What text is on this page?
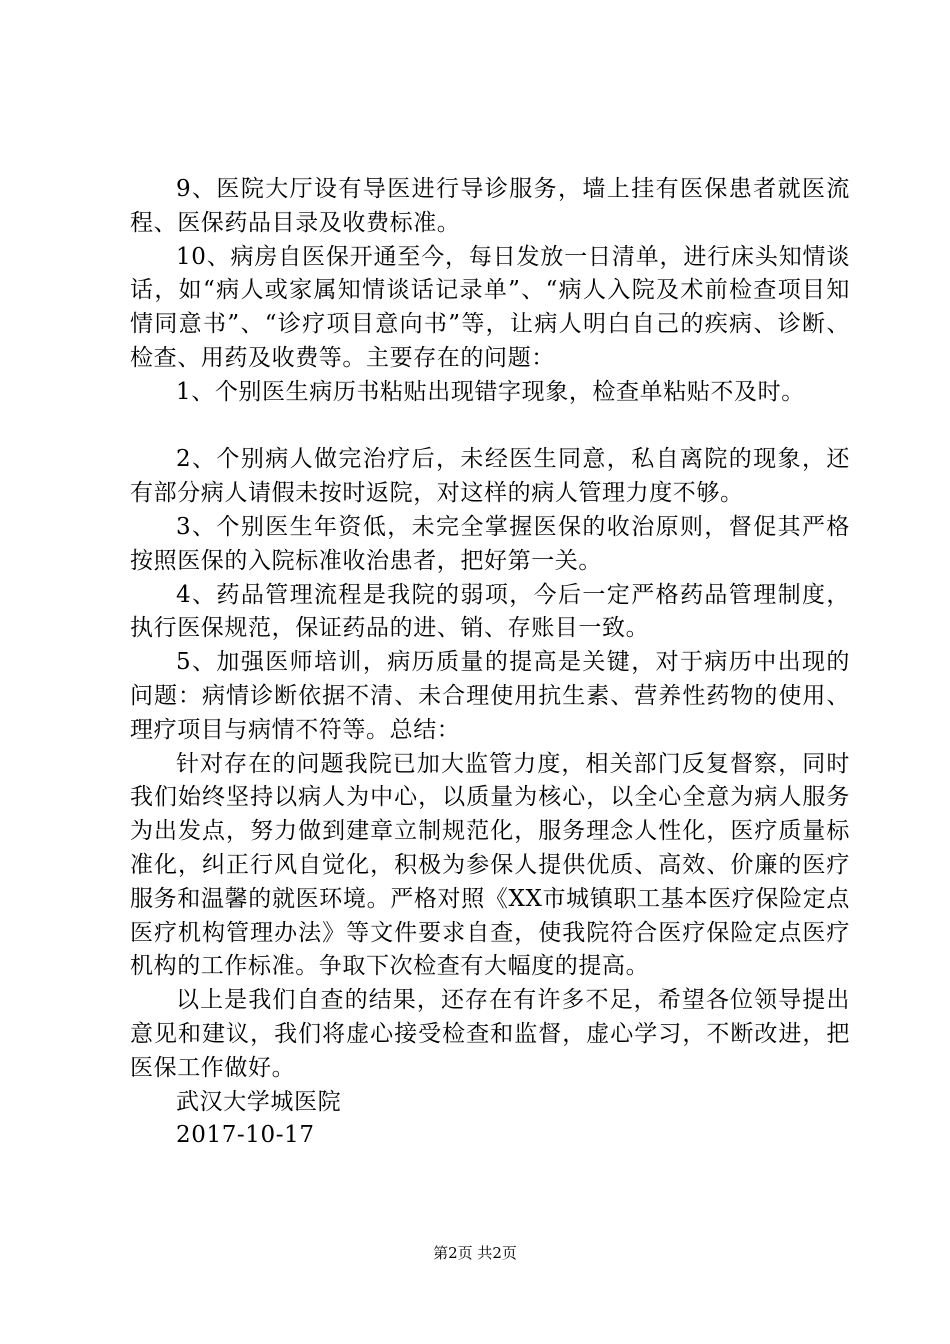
9、医院大厅设有导医进行导诊服务，墙上挂有医保患者就医流程、医保药品目录及收费标准。

10、病房自医保开通至今，每日发放一日清单，进行床头知情谈话，如“病人或家属知情谈话记录单”、“病人入院及术前检查项目知情同意书”、“诊疗项目意向书”等，让病人明白自己的疾病、诊断、检查、用药及收费等。主要存在的问题：

1、个别医生病历书粘贴出现错字现象，检查单粘贴不及时。

2、个别病人做完治疗后，未经医生同意，私自离院的现象，还有部分病人请假未按时返院，对这样的病人管理力度不够。

3、个别医生年资低，未完全掌握医保的收治原则，督促其严格按照医保的入院标准收治患者，把好第一关。

4、药品管理流程是我院的弱项，今后一定严格药品管理制度，执行医保规范，保证药品的进、销、存账目一致。

5、加强医师培训，病历质量的提高是关键，对于病历中出现的问题：病情诊断依据不清、未合理使用抗生素、营养性药物的使用、理疗项目与病情不符等。总结：

针对存在的问题我院已加大监管力度，相关部门反复督察，同时我们始终坚持以病人为中心，以质量为核心，以全心全意为病人服务为出发点，努力做到建章立制规范化，服务理念人性化，医疗质量标准化，纠正行风自觉化，积极为参保人提供优质、高效、价廉的医疗服务和温馨的就医环境。严格对照《XX市城镇职工基本医疗保险定点医疗机构管理办法》等文件要求自查，使我院符合医疗保险定点医疗机构的工作标准。争取下次检查有大幅度的提高。

以上是我们自查的结果，还存在有许多不足，希望各位领导提出意见和建议，我们将虚心接受检查和监督，虚心学习，不断改进，把医保工作做好。

武汉大学城医院

2017-10-17

第2页 共2页
